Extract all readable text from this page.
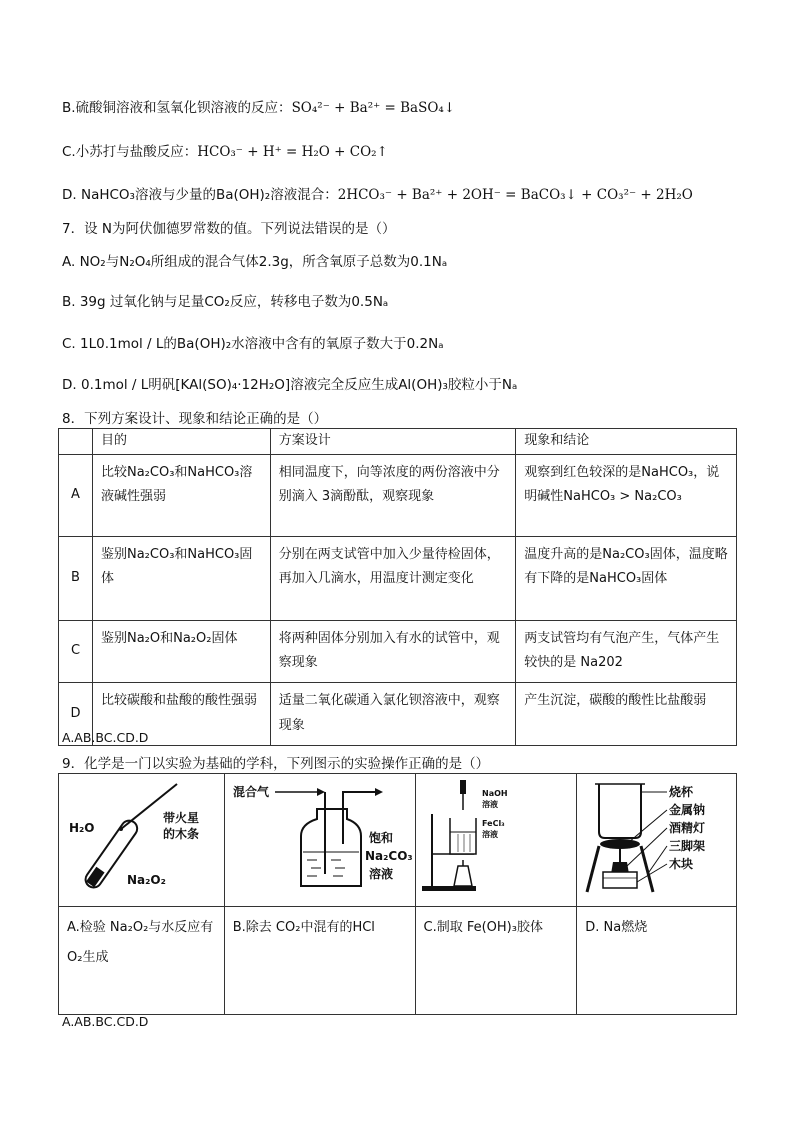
B.硫酸铜溶液和氢氧化钡溶液的反应：SO₄²⁻ + Ba²⁺ = BaSO₄↓
C.小苏打与盐酸反应：HCO₃⁻ + H⁺ = H₂O + CO₂↑
D. NaHCO₃溶液与少量的Ba(OH)₂溶液混合：2HCO₃⁻ + Ba²⁺ + 2OH⁻ = BaCO₃↓ + CO₃²⁻ + 2H₂O
7．设 N为阿伏伽德罗常数的值。下列说法错误的是（）
A. NO₂与N₂O₄所组成的混合气体2.3g，所含氧原子总数为0.1Nₐ
B. 39g 过氧化钠与足量CO₂反应，转移电子数为0.5Nₐ
C. 1L0.1mol / L的Ba(OH)₂水溶液中含有的氧原子数大于0.2Nₐ
D. 0.1mol / L明矾[KAl(SO)₄·12H₂O]溶液完全反应生成Al(OH)₃胶粒小于Nₐ
8．下列方案设计、现象和结论正确的是（）
	目的	方案设计	现象和结论
A	比较Na₂CO₃和NaHCO₃溶液碱性强弱	相同温度下，向等浓度的两份溶液中分别滴入 3滴酚酞，观察现象	观察到红色较深的是NaHCO₃，说明碱性NaHCO₃ > Na₂CO₃
B	鉴别Na₂CO₃和NaHCO₃固体	分别在两支试管中加入少量待检固体，再加入几滴水，用温度计测定变化	温度升高的是Na₂CO₃固体，温度略有下降的是NaHCO₃固体
C	鉴别Na₂O和Na₂O₂固体	将两种固体分别加入有水的试管中，观察现象	两支试管均有气泡产生，气体产生较快的是 Na202
D	比较碳酸和盐酸的酸性强弱	适量二氧化碳通入氯化钡溶液中，观察现象	产生沉淀，碳酸的酸性比盐酸弱
A.AB.BC.CD.D
9．化学是一门以实验为基础的学科，下列图示的实验操作正确的是（）
H₂O
Na₂O₂
带火星
的木条	混合气
饱和
Na₂CO₃
溶液	NaOH
溶液
FeCl₃
溶液	烧杯
金属钠
酒精灯
三脚架
木块

A.检验 Na₂O₂与水反应有O₂生成	B.除去 CO₂中混有的HCl	C.制取 Fe(OH)₃胶体	D. Na燃烧
A.AB.BC.CD.D
